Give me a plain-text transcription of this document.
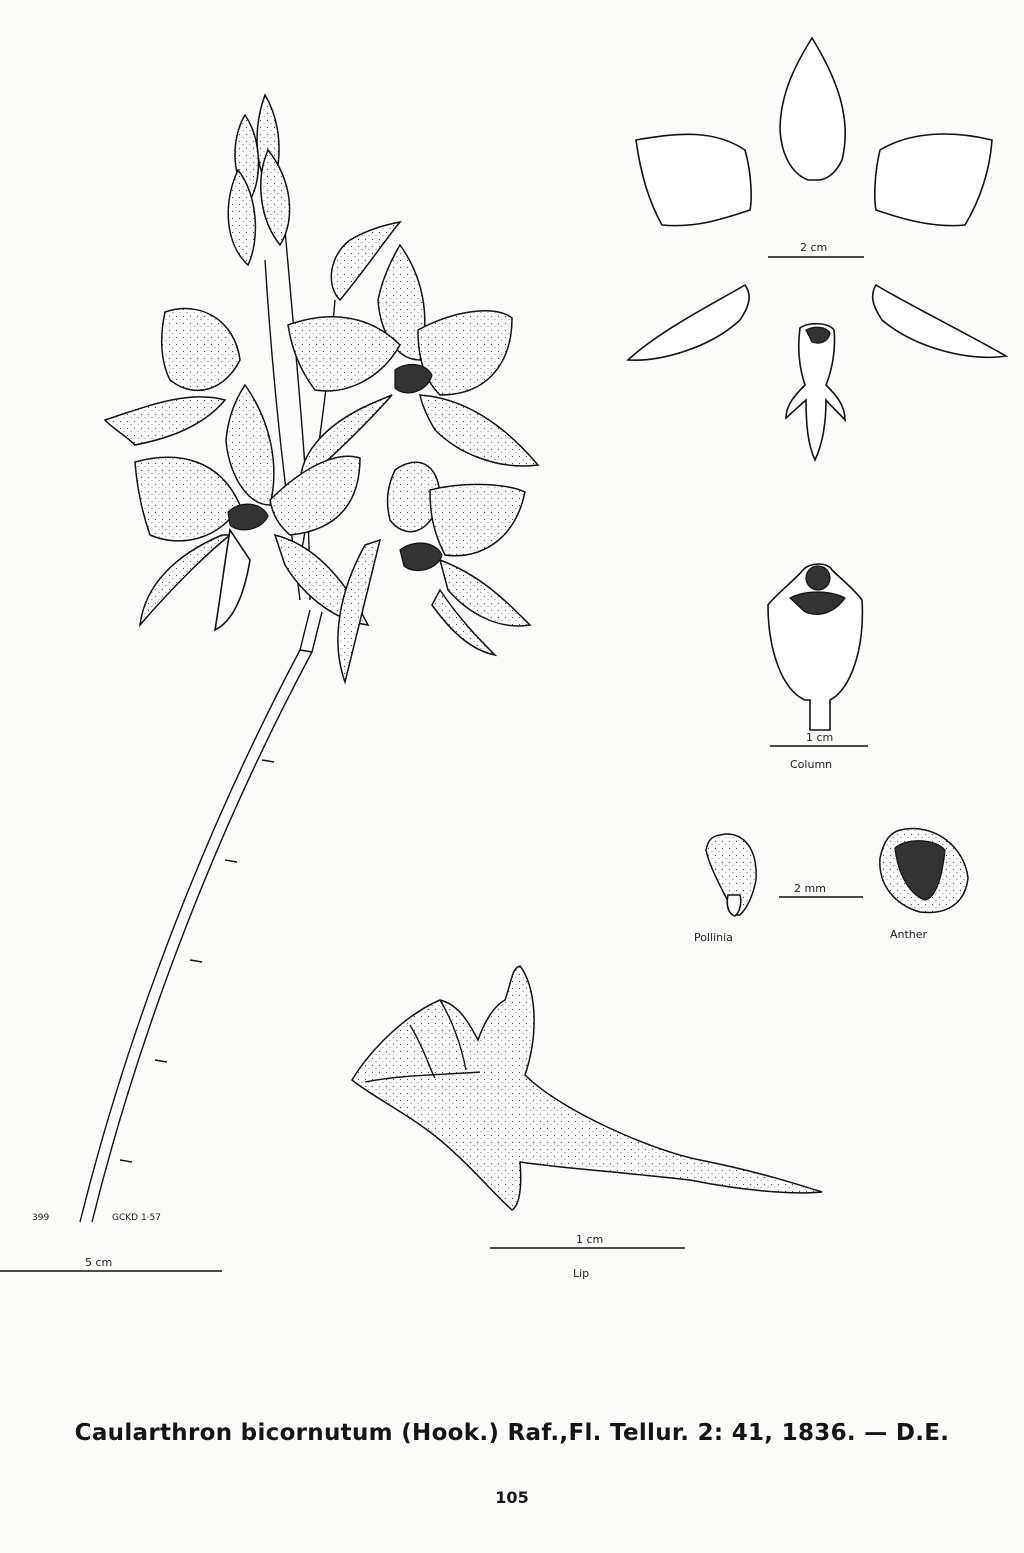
399	GCKD 1·57
5 cm
2 cm
1 cm
Column
Pollinia
2 mm
Anther
1 cm
Lip
Caularthron bicornutum (Hook.) Raf.,Fl. Tellur. 2: 41, 1836. — D.E.
105
